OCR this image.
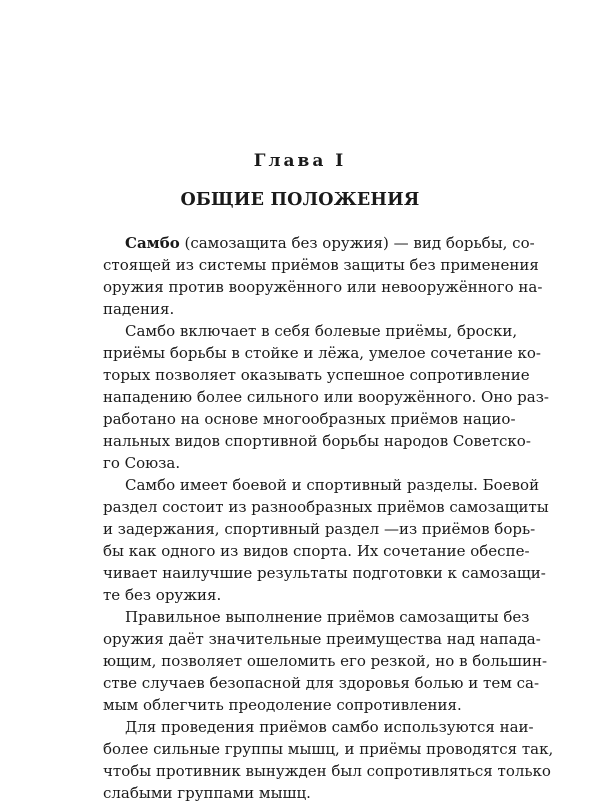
Глава I
ОБЩИЕ ПОЛОЖЕНИЯ
Самбо (самозащита без оружия) — вид борьбы, со-
стоящей из системы приёмов защиты без применения
оружия против вооружённого или невооружённого на-
падения.
Самбо включает в себя болевые приёмы, броски,
приёмы борьбы в стойке и лёжа, умелое сочетание ко-
торых позволяет оказывать успешное сопротивление
нападению более сильного или вооружённого. Оно раз-
работано на основе многообразных приёмов нацио-
нальных видов спортивной борьбы народов Советско-
го Союза.
Самбо имеет боевой и спортивный разделы. Боевой
раздел состоит из разнообразных приёмов самозащиты
и задержания, спортивный раздел —из приёмов борь-
бы как одного из видов спорта. Их сочетание обеспе-
чивает наилучшие результаты подготовки к самозащи-
те без оружия.
Правильное выполнение приёмов самозащиты без
оружия даёт значительные преимущества над напада-
ющим, позволяет ошеломить его резкой, но в большин-
стве случаев безопасной для здоровья болью и тем са-
мым облегчить преодоление сопротивления.
Для проведения приёмов самбо используются наи-
более сильные группы мышц, и приёмы проводятся так,
чтобы противник вынужден был сопротивляться только
слабыми группами мышц.
